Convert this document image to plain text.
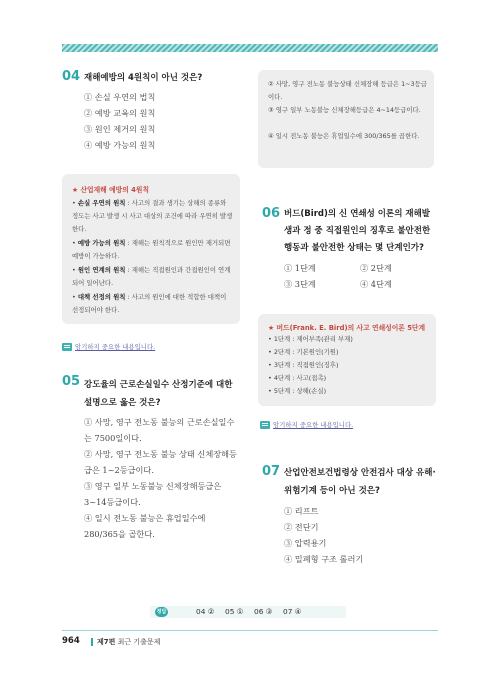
04 재해예방의 4원칙이 아닌 것은?
① 손실 우연의 법칙
② 예방 교육의 원칙
③ 원인 제거의 원칙
④ 예방 가능의 원칙
★ 산업재해 예방의 4원칙
• 손실 우연의 원칙 : 사고의 결과 생기는 상해의 종류와 정도는 사고 발생 시 사고 대상의 조건에 따라 우연히 발생한다.
• 예방 가능의 원칙 : 재해는 원칙적으로 원인만 제거되면 예방이 가능하다.
• 원인 연계의 원칙 : 재해는 직접원인과 간접원인이 연계되어 일어난다.
• 대책 선정의 원칙 : 사고의 원인에 대한 적합한 대책이 선정되어야 한다.
암기하지 중요한 내용입니다.
05 강도율의 근로손실일수 산정기준에 대한 설명으로 옳은 것은?
① 사망, 영구 전노동 불능의 근로손실일수는 7500일이다.
② 사망, 영구 전노동 불능 상태 신체장해등급은 1~2등급이다.
③ 영구 일부 노동불능 신체장해등급은 3~14등급이다.
④ 일시 전노동 불능은 휴업일수에 280/365을 곱한다.
② 사망, 영구 전노동 불능상태 신체장해 등급은 1~3등급이다.
③ 영구 일부 노동불능 신체장해등급은 4~14등급이다.
④ 일시 전노동 불능은 휴업일수에 300/365를 곱한다.
06 버드(Bird)의 신 연쇄성 이론의 재해발생과 정 중 직접원인의 징후로 불안전한 행동과 불안전한 상태는 몇 단계인가?
① 1단계	② 2단계
③ 3단계	④ 4단계
★ 버드(Frank. E. Bird)의 사고 연쇄성이론 5단계
• 1단계 : 제어부족(관리 부재)
• 2단계 : 기본원인(기원)
• 3단계 : 직접원인(징후)
• 4단계 : 사고(접촉)
• 5단계 : 상해(손실)
암기하지 중요한 내용입니다.
07 산업안전보건법령상 안전검사 대상 유해·위험기계 등이 아닌 것은?
① 리프트
② 전단기
③ 압력용기
④ 밀폐형 구조 롤러기
정답	04 ② 05 ① 06 ③ 07 ④
964 제7편 최근 기출문제
